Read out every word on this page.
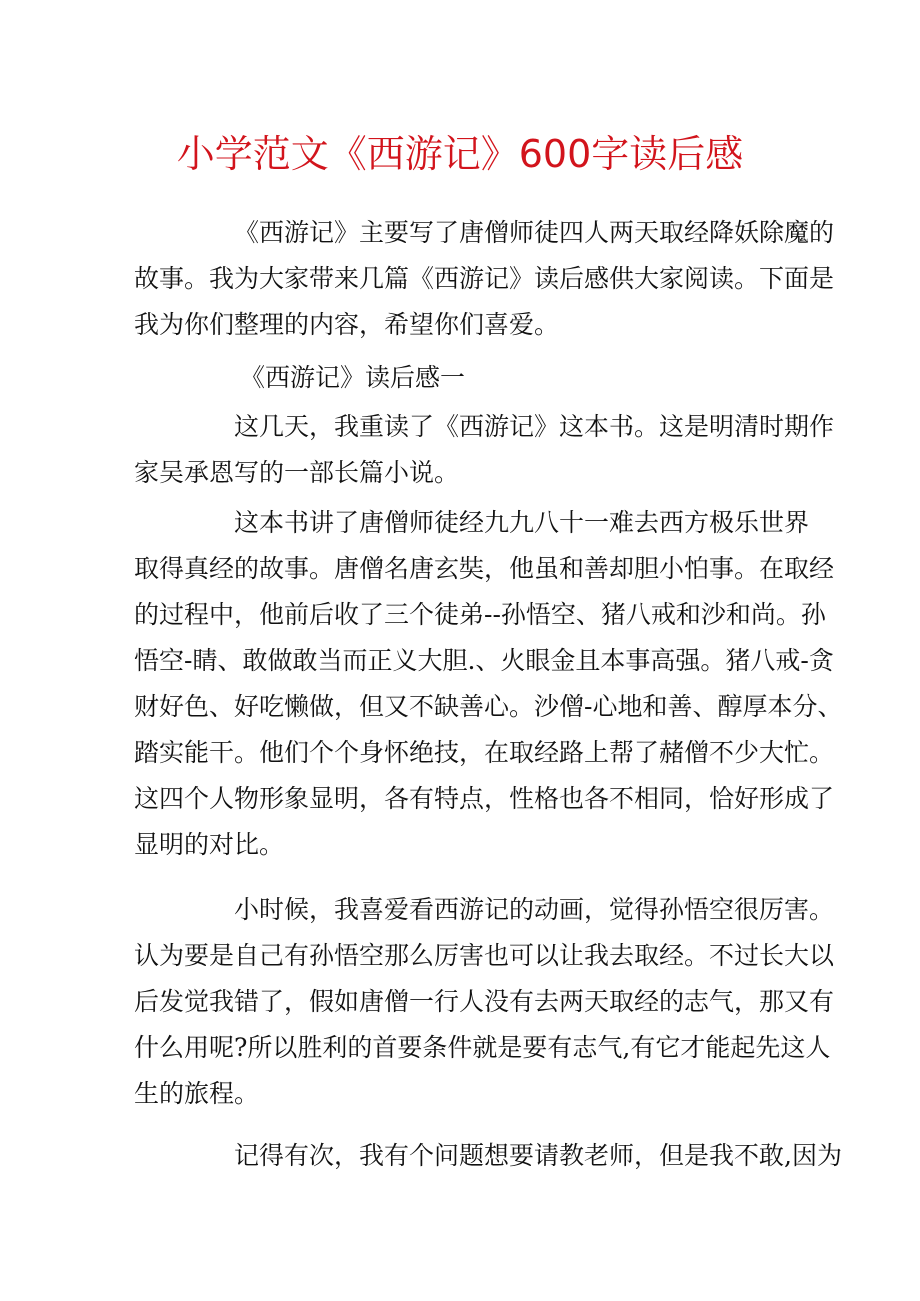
小学范文《西游记》600字读后感
《西游记》主要写了唐僧师徒四人两天取经降妖除魔的
故事。我为大家带来几篇《西游记》读后感供大家阅读。下面是
我为你们整理的内容，希望你们喜爱。
《西游记》读后感一
这几天，我重读了《西游记》这本书。这是明清时期作
家吴承恩写的一部长篇小说。
这本书讲了唐僧师徒经九九八十一难去西方极乐世界
取得真经的故事。唐僧名唐玄奘，他虽和善却胆小怕事。在取经
的过程中，他前后收了三个徒弟--孙悟空、猪八戒和沙和尚。孙
悟空-睛、敢做敢当而正义大胆.、火眼金且本事高强。猪八戒-贪
财好色、好吃懒做，但又不缺善心。沙僧-心地和善、醇厚本分、
踏实能干。他们个个身怀绝技，在取经路上帮了赭僧不少大忙。
这四个人物形象显明，各有特点，性格也各不相同，恰好形成了
显明的对比。
小时候，我喜爱看西游记的动画，觉得孙悟空很厉害。
认为要是自己有孙悟空那么厉害也可以让我去取经。不过长大以
后发觉我错了，假如唐僧一行人没有去两天取经的志气，那又有
什么用呢?所以胜利的首要条件就是要有志气,有它才能起先这人
生的旅程。
记得有次，我有个问题想要请教老师，但是我不敢,因为
